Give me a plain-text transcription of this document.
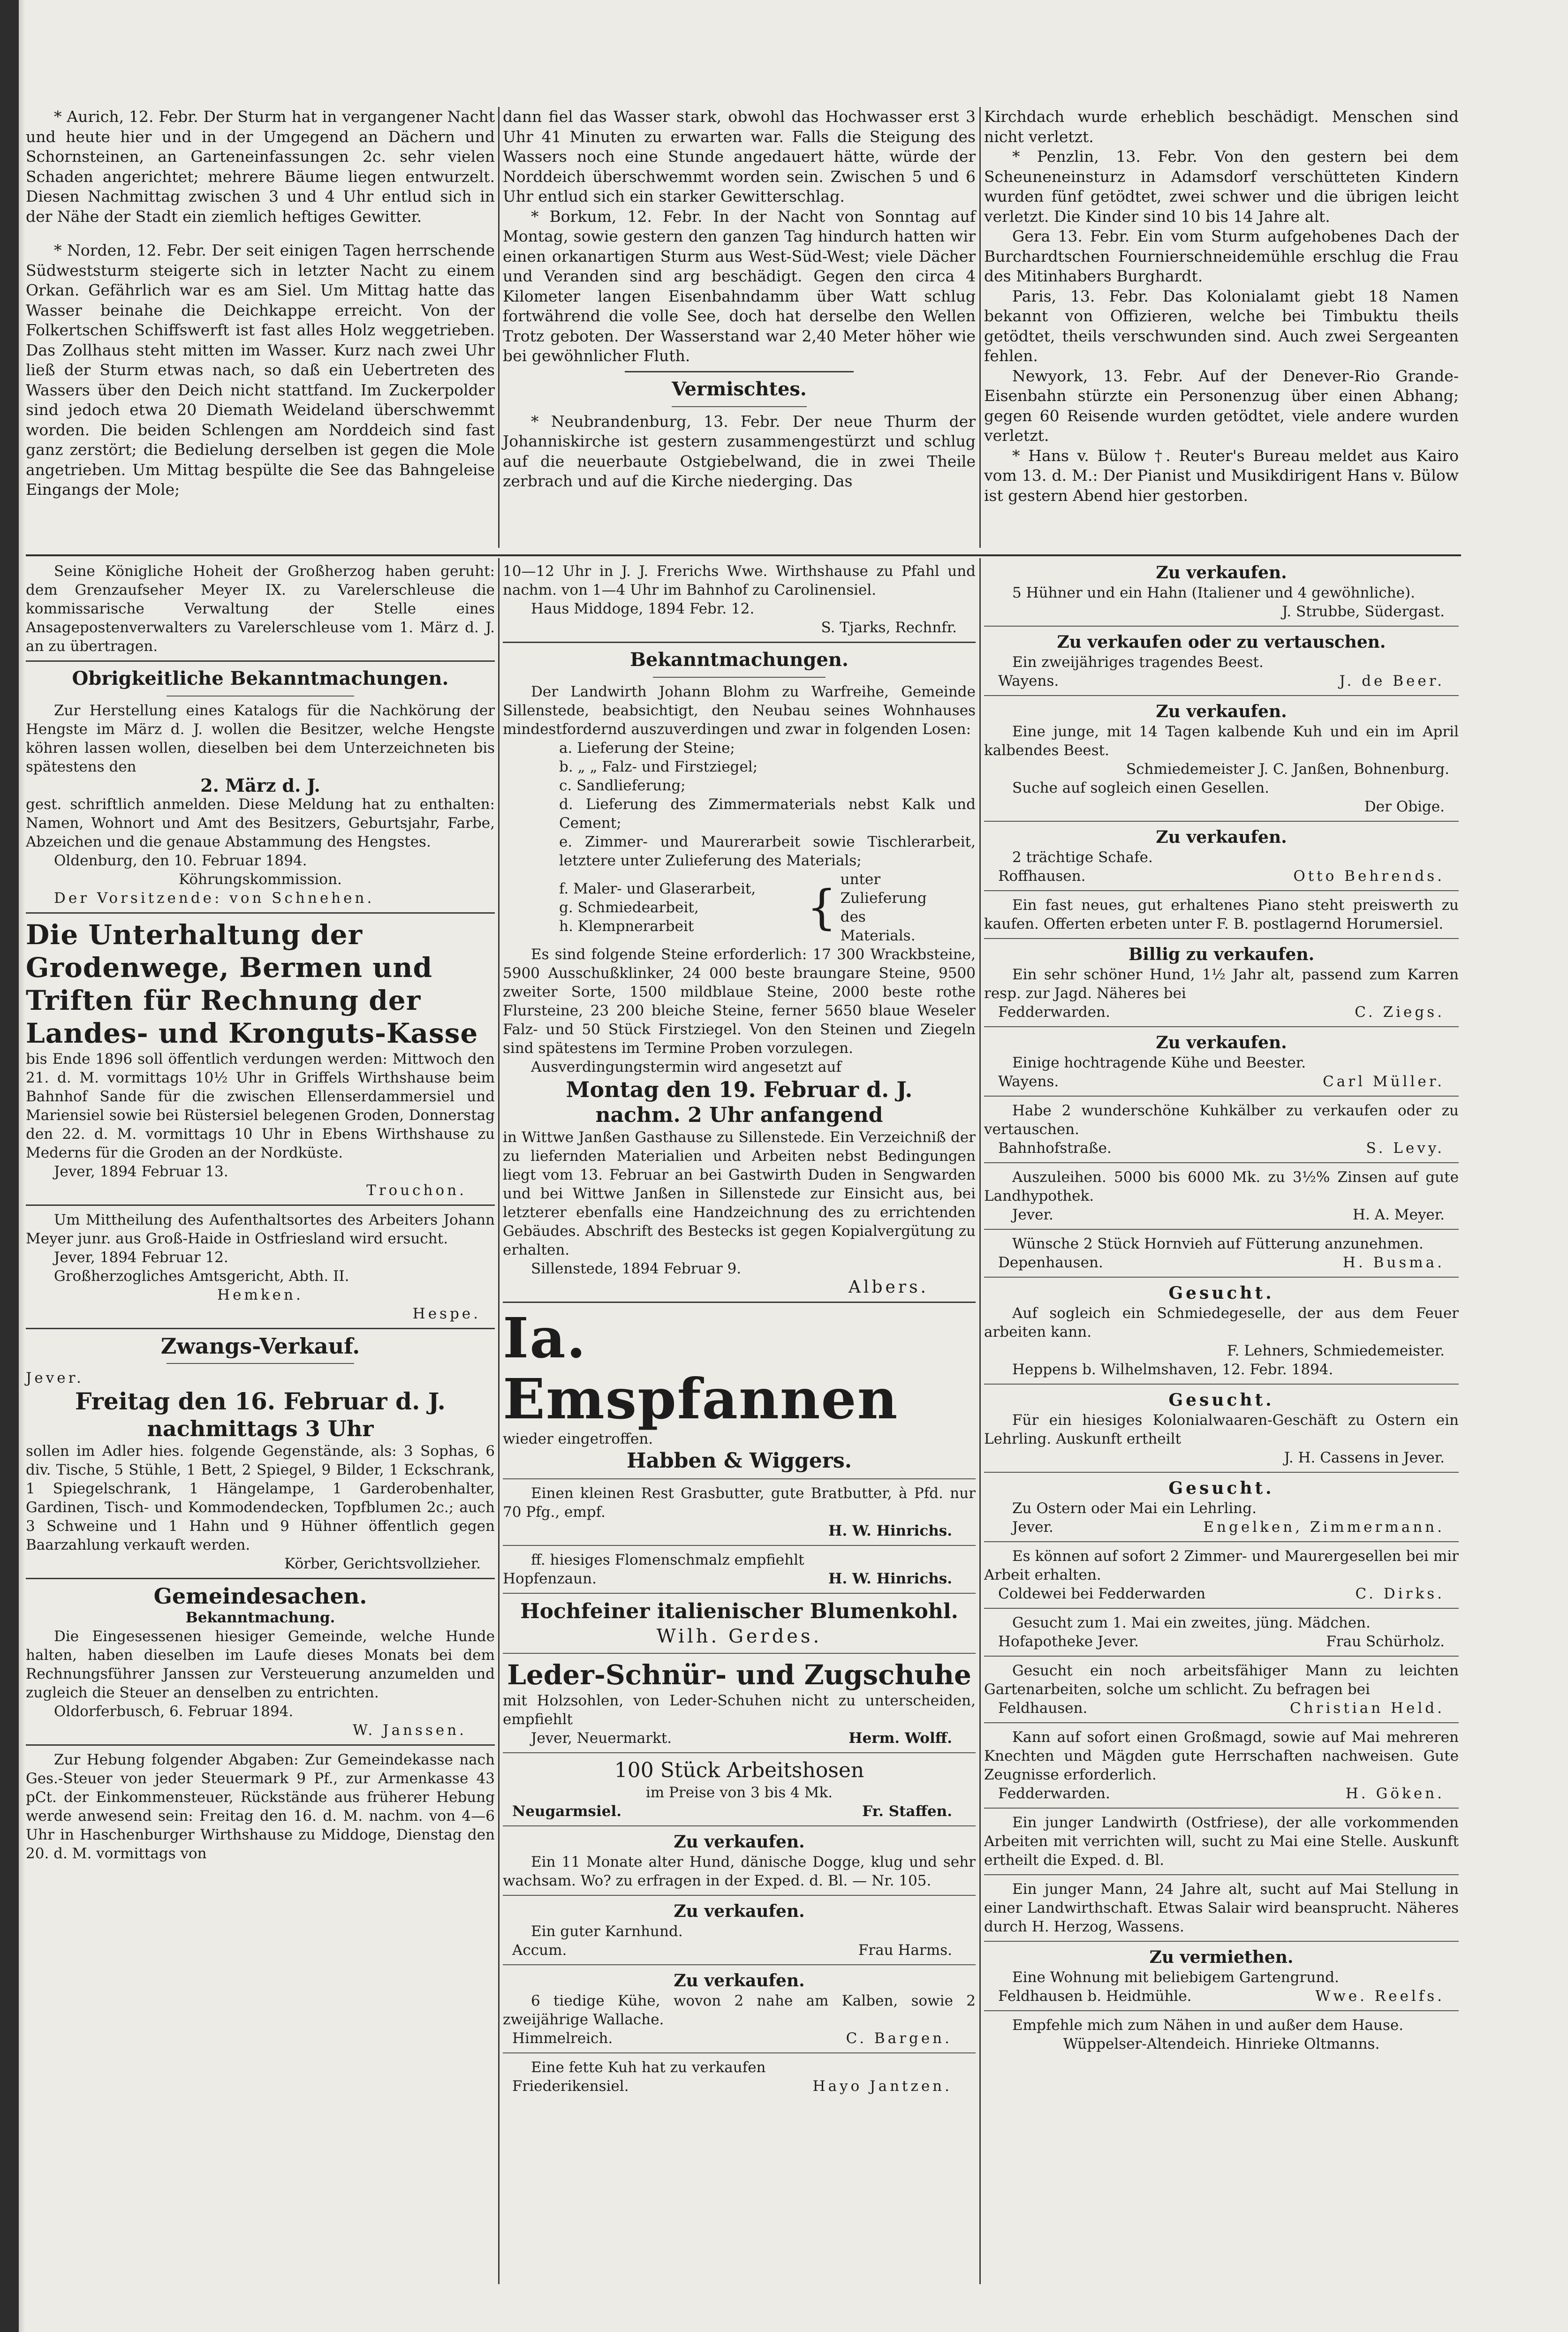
* Aurich, 12. Febr. Der Sturm hat in vergangener Nacht und heute hier und in der Umgegend an Dächern und Schornsteinen, an Garteneinfassungen 2c. sehr vielen Schaden angerichtet; mehrere Bäume liegen entwurzelt. Diesen Nachmittag zwischen 3 und 4 Uhr entlud sich in der Nähe der Stadt ein ziemlich heftiges Gewitter.

* Norden, 12. Febr. Der seit einigen Tagen herrschende Südweststurm steigerte sich in letzter Nacht zu einem Orkan. Gefährlich war es am Siel. Um Mittag hatte das Wasser beinahe die Deichkappe erreicht. Von der Folkertschen Schiffswerft ist fast alles Holz weggetrieben. Das Zollhaus steht mitten im Wasser. Kurz nach zwei Uhr ließ der Sturm etwas nach, so daß ein Uebertreten des Wassers über den Deich nicht stattfand. Im Zuckerpolder sind jedoch etwa 20 Diemath Weideland überschwemmt worden. Die beiden Schlengen am Norddeich sind fast ganz zerstört; die Bedielung derselben ist gegen die Mole angetrieben. Um Mittag bespülte die See das Bahngeleise Eingangs der Mole;

dann fiel das Wasser stark, obwohl das Hochwasser erst 3 Uhr 41 Minuten zu erwarten war. Falls die Steigung des Wassers noch eine Stunde angedauert hätte, würde der Norddeich überschwemmt worden sein. Zwischen 5 und 6 Uhr entlud sich ein starker Gewitterschlag.

* Borkum, 12. Febr. In der Nacht von Sonntag auf Montag, sowie gestern den ganzen Tag hindurch hatten wir einen orkanartigen Sturm aus West-Süd-West; viele Dächer und Veranden sind arg beschädigt. Gegen den circa 4 Kilometer langen Eisenbahndamm über Watt schlug fortwährend die volle See, doch hat derselbe den Wellen Trotz geboten. Der Wasserstand war 2,40 Meter höher wie bei gewöhnlicher Fluth.

Vermischtes.

* Neubrandenburg, 13. Febr. Der neue Thurm der Johanniskirche ist gestern zusammengestürzt und schlug auf die neuerbaute Ostgiebelwand, die in zwei Theile zerbrach und auf die Kirche niederging. Das

Kirchdach wurde erheblich beschädigt. Menschen sind nicht verletzt.

* Penzlin, 13. Febr. Von den gestern bei dem Scheuneneinsturz in Adamsdorf verschütteten Kindern wurden fünf getödtet, zwei schwer und die übrigen leicht verletzt. Die Kinder sind 10 bis 14 Jahre alt.

Gera 13. Febr. Ein vom Sturm aufgehobenes Dach der Burchardtschen Fournierschneidemühle erschlug die Frau des Mitinhabers Burghardt.

Paris, 13. Febr. Das Kolonialamt giebt 18 Namen bekannt von Offizieren, welche bei Timbuktu theils getödtet, theils verschwunden sind. Auch zwei Sergeanten fehlen.

Newyork, 13. Febr. Auf der Denever-Rio Grande-Eisenbahn stürzte ein Personenzug über einen Abhang; gegen 60 Reisende wurden getödtet, viele andere wurden verletzt.

* Hans v. Bülow †. Reuter's Bureau meldet aus Kairo vom 13. d. M.: Der Pianist und Musikdirigent Hans v. Bülow ist gestern Abend hier gestorben.

Seine Königliche Hoheit der Großherzog haben geruht: dem Grenzaufseher Meyer IX. zu Varelerschleuse die kommissarische Verwaltung der Stelle eines Ansagepostenverwalters zu Varelerschleuse vom 1. März d. J. an zu übertragen.

Obrigkeitliche Bekanntmachungen.

Zur Herstellung eines Katalogs für die Nachkörung der Hengste im März d. J. wollen die Besitzer, welche Hengste köhren lassen wollen, dieselben bei dem Unterzeichneten bis spätestens den

2. März d. J.

gest. schriftlich anmelden. Diese Meldung hat zu enthalten: Namen, Wohnort und Amt des Besitzers, Geburtsjahr, Farbe, Abzeichen und die genaue Abstammung des Hengstes.

Oldenburg, den 10. Februar 1894.

Köhrungskommission.

Der Vorsitzende: von Schnehen.

Die Unterhaltung der Grodenwege, Bermen und Triften für Rechnung der Landes- und Kronguts-Kasse

bis Ende 1896 soll öffentlich verdungen werden: Mittwoch den 21. d. M. vormittags 10½ Uhr in Griffels Wirthshause beim Bahnhof Sande für die zwischen Ellenserdammersiel und Mariensiel sowie bei Rüstersiel belegenen Groden, Donnerstag den 22. d. M. vormittags 10 Uhr in Ebens Wirthshause zu Mederns für die Groden an der Nordküste.

Jever, 1894 Februar 13.

Trouchon.

Um Mittheilung des Aufenthaltsortes des Arbeiters Johann Meyer junr. aus Groß-Haide in Ostfriesland wird ersucht.

Jever, 1894 Februar 12.

Großherzogliches Amtsgericht, Abth. II.

Hemken.

Hespe.

Zwangs-Verkauf.

Jever.

Freitag den 16. Februar d. J.

nachmittags 3 Uhr

sollen im Adler hies. folgende Gegenstände, als: 3 Sophas, 6 div. Tische, 5 Stühle, 1 Bett, 2 Spiegel, 9 Bilder, 1 Eckschrank, 1 Spiegelschrank, 1 Hängelampe, 1 Garderobenhalter, Gardinen, Tisch- und Kommodendecken, Topfblumen 2c.; auch 3 Schweine und 1 Hahn und 9 Hühner öffentlich gegen Baarzahlung verkauft werden.

Körber, Gerichtsvollzieher.

Gemeindesachen.

Bekanntmachung.

Die Eingesessenen hiesiger Gemeinde, welche Hunde halten, haben dieselben im Laufe dieses Monats bei dem Rechnungsführer Janssen zur Versteuerung anzumelden und zugleich die Steuer an denselben zu entrichten.

Oldorferbusch, 6. Februar 1894.

W. Janssen.

Zur Hebung folgender Abgaben: Zur Gemeindekasse nach Ges.-Steuer von jeder Steuermark 9 Pf., zur Armenkasse 43 pCt. der Einkommensteuer, Rückstände aus früherer Hebung werde anwesend sein: Freitag den 16. d. M. nachm. von 4—6 Uhr in Haschenburger Wirthshause zu Middoge, Dienstag den 20. d. M. vormittags von

10—12 Uhr in J. J. Frerichs Wwe. Wirthshause zu Pfahl und nachm. von 1—4 Uhr im Bahnhof zu Carolinensiel.

Haus Middoge, 1894 Febr. 12.

S. Tjarks, Rechnfr.

Bekanntmachungen.

Der Landwirth Johann Blohm zu Warfreihe, Gemeinde Sillenstede, beabsichtigt, den Neubau seines Wohnhauses mindestfordernd auszuverdingen und zwar in folgenden Losen:

a. Lieferung der Steine;

b. „ „ Falz- und Firstziegel;

c. Sandlieferung;

d. Lieferung des Zimmermaterials nebst Kalk und Cement;

e. Zimmer- und Maurerarbeit sowie Tischlerarbeit, letztere unter Zulieferung des Materials;

f. Maler- und Glaserarbeit,

g. Schmiedearbeit,

h. Klempnerarbeit	{

unter Zulieferung des Materials.

Es sind folgende Steine erforderlich: 17 300 Wrackbsteine, 5900 Ausschußklinker, 24 000 beste braungare Steine, 9500 zweiter Sorte, 1500 mildblaue Steine, 2000 beste rothe Flursteine, 23 200 bleiche Steine, ferner 5650 blaue Weseler Falz- und 50 Stück Firstziegel. Von den Steinen und Ziegeln sind spätestens im Termine Proben vorzulegen.

Ausverdingungstermin wird angesetzt auf

Montag den 19. Februar d. J.

nachm. 2 Uhr anfangend

in Wittwe Janßen Gasthause zu Sillenstede. Ein Verzeichniß der zu liefernden Materialien und Arbeiten nebst Bedingungen liegt vom 13. Februar an bei Gastwirth Duden in Sengwarden und bei Wittwe Janßen in Sillenstede zur Einsicht aus, bei letzterer ebenfalls eine Handzeichnung des zu errichtenden Gebäudes. Abschrift des Bestecks ist gegen Kopialvergütung zu erhalten.

Sillenstede, 1894 Februar 9.

Albers.

Ia. Emspfannen

wieder eingetroffen.

Habben & Wiggers.

Einen kleinen Rest Grasbutter, gute Bratbutter, à Pfd. nur 70 Pfg., empf.

H. W. Hinrichs.

ff. hiesiges Flomenschmalz empfiehlt

Hopfenzaun.	H. W. Hinrichs.

Hochfeiner italienischer Blumenkohl.

Wilh. Gerdes.

Leder-Schnür- und Zugschuhe

mit Holzsohlen, von Leder-Schuhen nicht zu unterscheiden, empfiehlt

Jever, Neuermarkt.	Herm. Wolff.

100 Stück Arbeitshosen

im Preise von 3 bis 4 Mk.

Neugarmsiel.	Fr. Staffen.

Zu verkaufen.

Ein 11 Monate alter Hund, dänische Dogge, klug und sehr wachsam. Wo? zu erfragen in der Exped. d. Bl. — Nr. 105.

Zu verkaufen.

Ein guter Karnhund.

Accum.	Frau Harms.

Zu verkaufen.

6 tiedige Kühe, wovon 2 nahe am Kalben, sowie 2 zweijährige Wallache.

Himmelreich.	C. Bargen.

Eine fette Kuh hat zu verkaufen

Friederikensiel.	Hayo Jantzen.

Zu verkaufen.

5 Hühner und ein Hahn (Italiener und 4 gewöhnliche).

J. Strubbe, Südergast.

Zu verkaufen oder zu vertauschen.

Ein zweijähriges tragendes Beest.

Wayens.	J. de Beer.

Zu verkaufen.

Eine junge, mit 14 Tagen kalbende Kuh und ein im April kalbendes Beest.

Schmiedemeister J. C. Janßen, Bohnenburg.

Suche auf sogleich einen Gesellen.

Der Obige.

Zu verkaufen.

2 trächtige Schafe.

Roffhausen.	Otto Behrends.

Ein fast neues, gut erhaltenes Piano steht preiswerth zu kaufen. Offerten erbeten unter F. B. postlagernd Horumersiel.

Billig zu verkaufen.

Ein sehr schöner Hund, 1½ Jahr alt, passend zum Karren resp. zur Jagd. Näheres bei

Fedderwarden.	C. Ziegs.

Zu verkaufen.

Einige hochtragende Kühe und Beester.

Wayens.	Carl Müller.

Habe 2 wunderschöne Kuhkälber zu verkaufen oder zu vertauschen.

Bahnhofstraße.	S. Levy.

Auszuleihen. 5000 bis 6000 Mk. zu 3½% Zinsen auf gute Landhypothek.

Jever.	H. A. Meyer.

Wünsche 2 Stück Hornvieh auf Fütterung anzunehmen.

Depenhausen.	H. Busma.

Gesucht.

Auf sogleich ein Schmiedegeselle, der aus dem Feuer arbeiten kann.

F. Lehners, Schmiedemeister.

Heppens b. Wilhelmshaven, 12. Febr. 1894.

Gesucht.

Für ein hiesiges Kolonialwaaren-Geschäft zu Ostern ein Lehrling. Auskunft ertheilt

J. H. Cassens in Jever.

Gesucht.

Zu Ostern oder Mai ein Lehrling.

Jever.	Engelken, Zimmermann.

Es können auf sofort 2 Zimmer- und Maurergesellen bei mir Arbeit erhalten.

Coldewei bei Fedderwarden	C. Dirks.

Gesucht zum 1. Mai ein zweites, jüng. Mädchen.

Hofapotheke Jever.	Frau Schürholz.

Gesucht ein noch arbeitsfähiger Mann zu leichten Gartenarbeiten, solche um schlicht. Zu befragen bei

Feldhausen.	Christian Held.

Kann auf sofort einen Großmagd, sowie auf Mai mehreren Knechten und Mägden gute Herrschaften nachweisen. Gute Zeugnisse erforderlich.

Fedderwarden.	H. Göken.

Ein junger Landwirth (Ostfriese), der alle vorkommenden Arbeiten mit verrichten will, sucht zu Mai eine Stelle. Auskunft ertheilt die Exped. d. Bl.

Ein junger Mann, 24 Jahre alt, sucht auf Mai Stellung in einer Landwirthschaft. Etwas Salair wird beansprucht. Näheres durch H. Herzog, Wassens.

Zu vermiethen.

Eine Wohnung mit beliebigem Gartengrund.

Feldhausen b. Heidmühle.	Wwe. Reelfs.

Empfehle mich zum Nähen in und außer dem Hause.

Wüppelser-Altendeich. Hinrieke Oltmanns.
